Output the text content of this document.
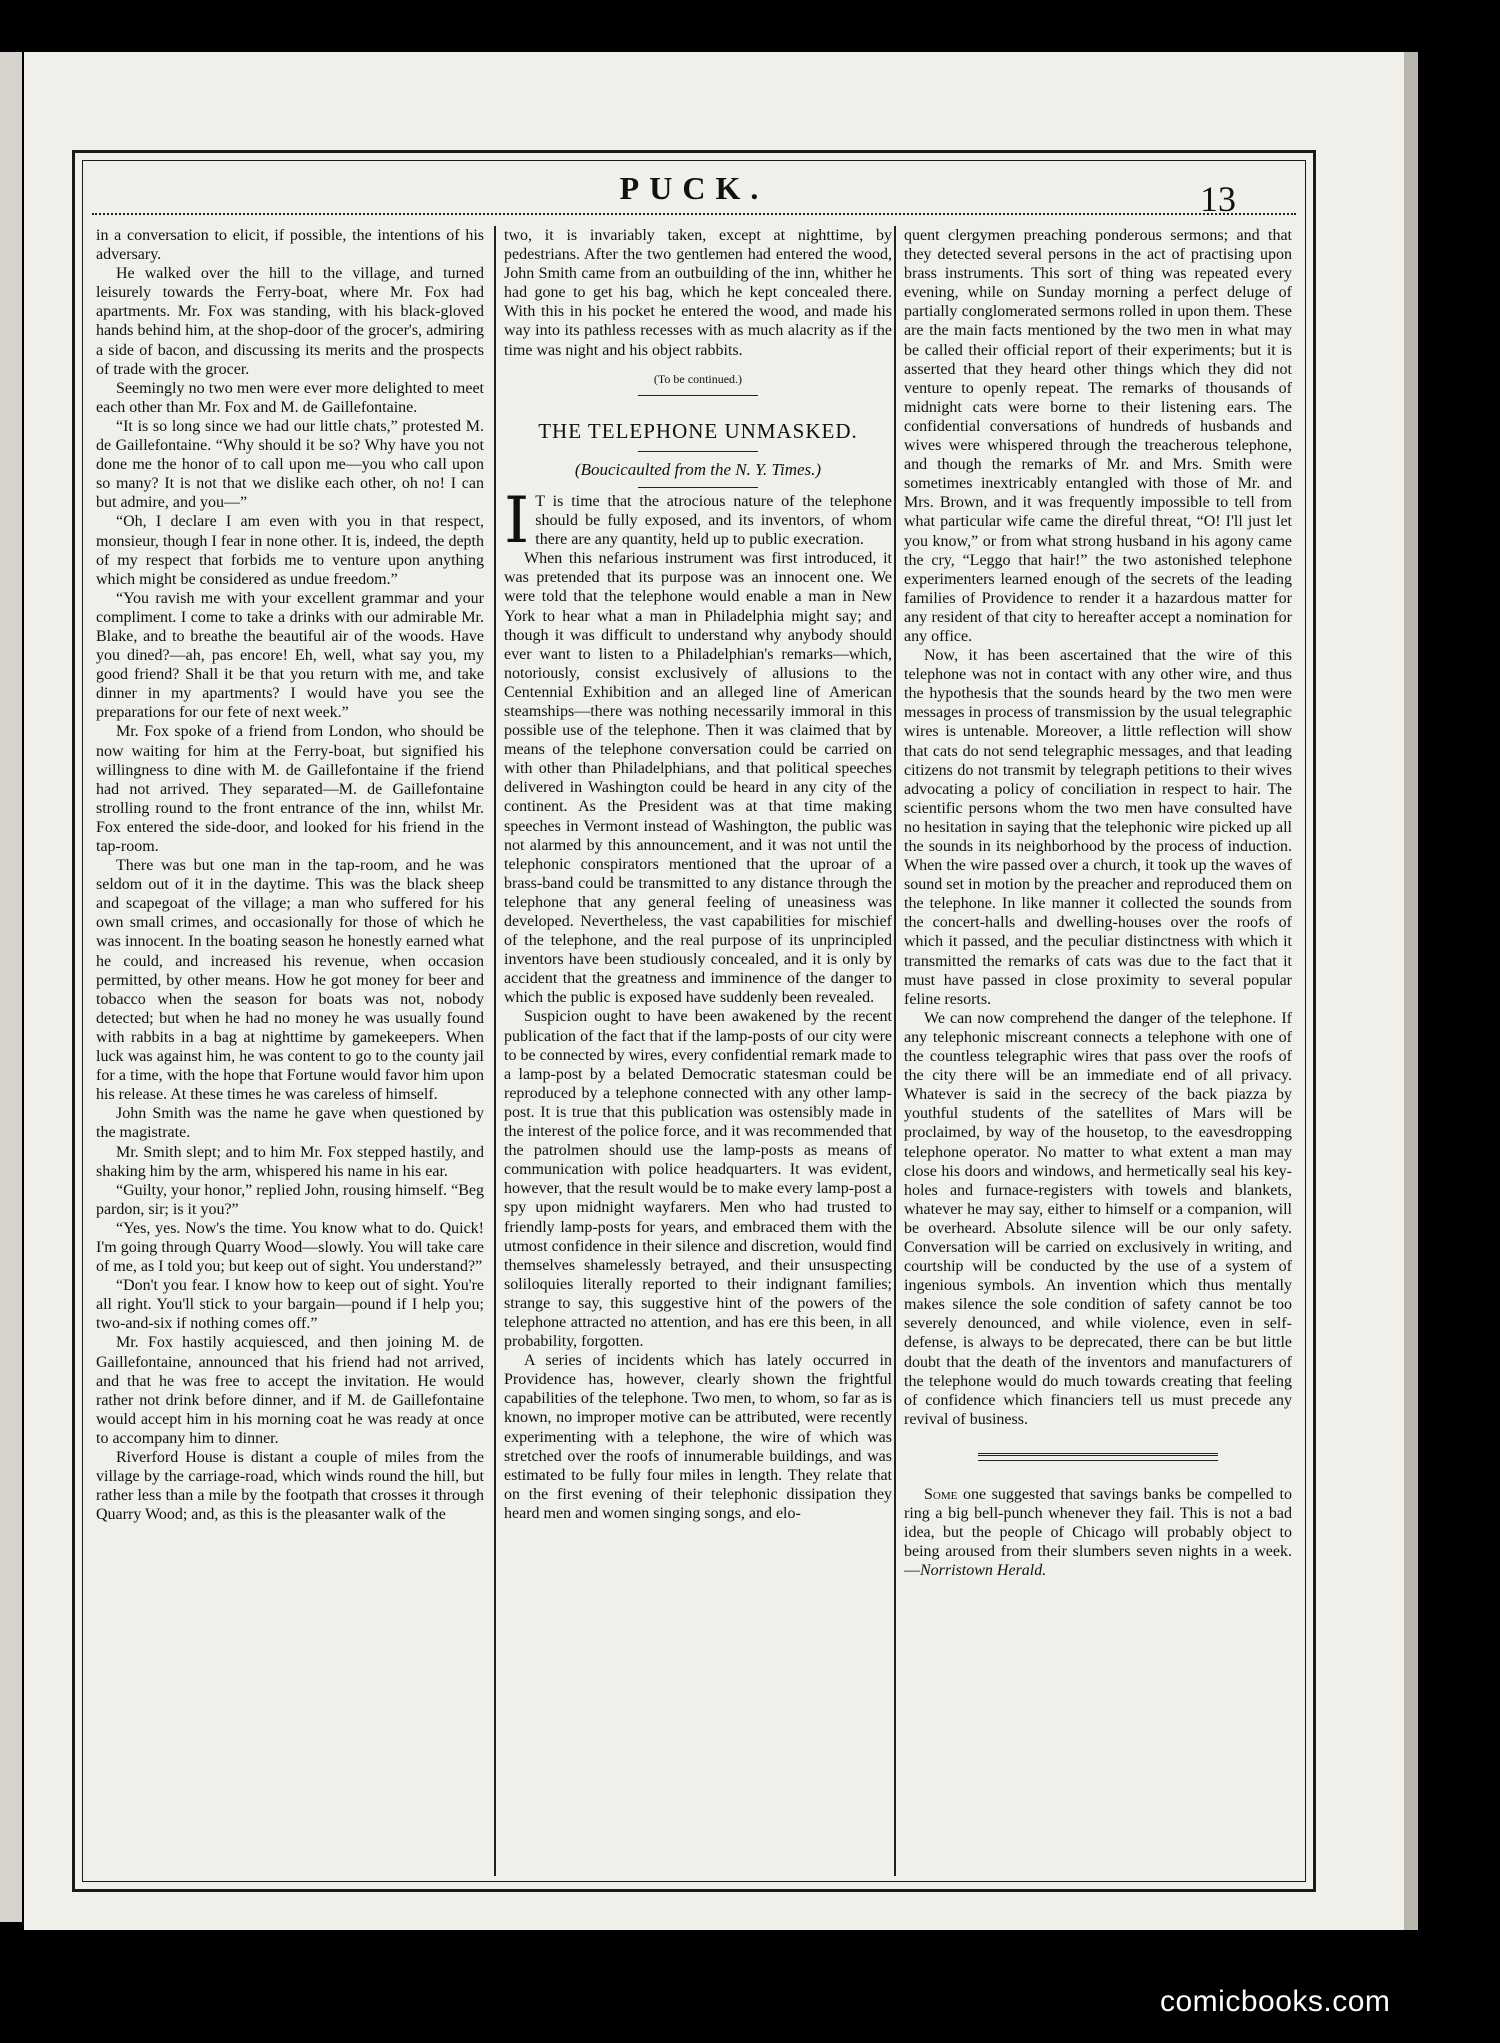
PUCK.	13

in a conversation to elicit, if possible, the intentions of his adversary.

He walked over the hill to the village, and turned leisurely towards the Ferry-boat, where Mr. Fox had apartments. Mr. Fox was standing, with his black-gloved hands behind him, at the shop-door of the grocer's, admiring a side of bacon, and discussing its merits and the prospects of trade with the grocer.

Seemingly no two men were ever more delighted to meet each other than Mr. Fox and M. de Gaillefontaine.

“It is so long since we had our little chats,” protested M. de Gaillefontaine. “Why should it be so? Why have you not done me the honor of to call upon me—you who call upon so many? It is not that we dislike each other, oh no! I can but admire, and you—”

“Oh, I declare I am even with you in that respect, monsieur, though I fear in none other. It is, indeed, the depth of my respect that forbids me to venture upon anything which might be considered as undue freedom.”

“You ravish me with your excellent grammar and your compliment. I come to take a drinks with our admirable Mr. Blake, and to breathe the beautiful air of the woods. Have you dined?—ah, pas encore! Eh, well, what say you, my good friend? Shall it be that you return with me, and take dinner in my apartments? I would have you see the preparations for our fete of next week.”

Mr. Fox spoke of a friend from London, who should be now waiting for him at the Ferry-boat, but signified his willingness to dine with M. de Gaillefontaine if the friend had not arrived. They separated—M. de Gaillefontaine strolling round to the front entrance of the inn, whilst Mr. Fox entered the side-door, and looked for his friend in the tap-room.

There was but one man in the tap-room, and he was seldom out of it in the daytime. This was the black sheep and scapegoat of the village; a man who suffered for his own small crimes, and occasionally for those of which he was innocent. In the boating season he honestly earned what he could, and increased his revenue, when occasion permitted, by other means. How he got money for beer and tobacco when the season for boats was not, nobody detected; but when he had no money he was usually found with rabbits in a bag at nighttime by gamekeepers. When luck was against him, he was content to go to the county jail for a time, with the hope that Fortune would favor him upon his release. At these times he was careless of himself.

John Smith was the name he gave when questioned by the magistrate.

Mr. Smith slept; and to him Mr. Fox stepped hastily, and shaking him by the arm, whispered his name in his ear.

“Guilty, your honor,” replied John, rousing himself. “Beg pardon, sir; is it you?”

“Yes, yes. Now's the time. You know what to do. Quick! I'm going through Quarry Wood—slowly. You will take care of me, as I told you; but keep out of sight. You understand?”

“Don't you fear. I know how to keep out of sight. You're all right. You'll stick to your bargain—pound if I help you; two-and-six if nothing comes off.”

Mr. Fox hastily acquiesced, and then joining M. de Gaillefontaine, announced that his friend had not arrived, and that he was free to accept the invitation. He would rather not drink before dinner, and if M. de Gaillefontaine would accept him in his morning coat he was ready at once to accompany him to dinner.

Riverford House is distant a couple of miles from the village by the carriage-road, which winds round the hill, but rather less than a mile by the footpath that crosses it through Quarry Wood; and, as this is the pleasanter walk of the

two, it is invariably taken, except at nighttime, by pedestrians. After the two gentlemen had entered the wood, John Smith came from an outbuilding of the inn, whither he had gone to get his bag, which he kept concealed there. With this in his pocket he entered the wood, and made his way into its pathless recesses with as much alacrity as if the time was night and his object rabbits.

(To be continued.)
THE TELEPHONE UNMASKED.
(Boucicaulted from the N. Y. Times.)

I T is time that the atrocious nature of the telephone should be fully exposed, and its inventors, of whom there are any quantity, held up to public execration.

When this nefarious instrument was first introduced, it was pretended that its purpose was an innocent one. We were told that the telephone would enable a man in New York to hear what a man in Philadelphia might say; and though it was difficult to understand why anybody should ever want to listen to a Philadelphian's remarks—which, notoriously, consist exclusively of allusions to the Centennial Exhibition and an alleged line of American steamships—there was nothing necessarily immoral in this possible use of the telephone. Then it was claimed that by means of the telephone conversation could be carried on with other than Philadelphians, and that political speeches delivered in Washington could be heard in any city of the continent. As the President was at that time making speeches in Vermont instead of Washington, the public was not alarmed by this announcement, and it was not until the telephonic conspirators mentioned that the uproar of a brass-band could be transmitted to any distance through the telephone that any general feeling of uneasiness was developed. Nevertheless, the vast capabilities for mischief of the telephone, and the real purpose of its unprincipled inventors have been studiously concealed, and it is only by accident that the greatness and imminence of the danger to which the public is exposed have suddenly been revealed.

Suspicion ought to have been awakened by the recent publication of the fact that if the lamp-posts of our city were to be connected by wires, every confidential remark made to a lamp-post by a belated Democratic statesman could be reproduced by a telephone connected with any other lamp-post. It is true that this publication was ostensibly made in the interest of the police force, and it was recommended that the patrolmen should use the lamp-posts as means of communication with police headquarters. It was evident, however, that the result would be to make every lamp-post a spy upon midnight wayfarers. Men who had trusted to friendly lamp-posts for years, and embraced them with the utmost confidence in their silence and discretion, would find themselves shamelessly betrayed, and their unsuspecting soliloquies literally reported to their indignant families; strange to say, this suggestive hint of the powers of the telephone attracted no attention, and has ere this been, in all probability, forgotten.

A series of incidents which has lately occurred in Providence has, however, clearly shown the frightful capabilities of the telephone. Two men, to whom, so far as is known, no improper motive can be attributed, were recently experimenting with a telephone, the wire of which was stretched over the roofs of innumerable buildings, and was estimated to be fully four miles in length. They relate that on the first evening of their telephonic dissipation they heard men and women singing songs, and elo-

quent clergymen preaching ponderous sermons; and that they detected several persons in the act of practising upon brass instruments. This sort of thing was repeated every evening, while on Sunday morning a perfect deluge of partially conglomerated sermons rolled in upon them. These are the main facts mentioned by the two men in what may be called their official report of their experiments; but it is asserted that they heard other things which they did not venture to openly repeat. The remarks of thousands of midnight cats were borne to their listening ears. The confidential conversations of hundreds of husbands and wives were whispered through the treacherous telephone, and though the remarks of Mr. and Mrs. Smith were sometimes inextricably entangled with those of Mr. and Mrs. Brown, and it was frequently impossible to tell from what particular wife came the direful threat, “O! I'll just let you know,” or from what strong husband in his agony came the cry, “Leggo that hair!” the two astonished telephone experimenters learned enough of the secrets of the leading families of Providence to render it a hazardous matter for any resident of that city to hereafter accept a nomination for any office.

Now, it has been ascertained that the wire of this telephone was not in contact with any other wire, and thus the hypothesis that the sounds heard by the two men were messages in process of transmission by the usual telegraphic wires is untenable. Moreover, a little reflection will show that cats do not send telegraphic messages, and that leading citizens do not transmit by telegraph petitions to their wives advocating a policy of conciliation in respect to hair. The scientific persons whom the two men have consulted have no hesitation in saying that the telephonic wire picked up all the sounds in its neighborhood by the process of induction. When the wire passed over a church, it took up the waves of sound set in motion by the preacher and reproduced them on the telephone. In like manner it collected the sounds from the concert-halls and dwelling-houses over the roofs of which it passed, and the peculiar distinctness with which it transmitted the remarks of cats was due to the fact that it must have passed in close proximity to several popular feline resorts.

We can now comprehend the danger of the telephone. If any telephonic miscreant connects a telephone with one of the countless telegraphic wires that pass over the roofs of the city there will be an immediate end of all privacy. Whatever is said in the secrecy of the back piazza by youthful students of the satellites of Mars will be proclaimed, by way of the housetop, to the eavesdropping telephone operator. No matter to what extent a man may close his doors and windows, and hermetically seal his key-holes and furnace-registers with towels and blankets, whatever he may say, either to himself or a companion, will be overheard. Absolute silence will be our only safety. Conversation will be carried on exclusively in writing, and courtship will be conducted by the use of a system of ingenious symbols. An invention which thus mentally makes silence the sole condition of safety cannot be too severely denounced, and while violence, even in self-defense, is always to be deprecated, there can be but little doubt that the death of the inventors and manufacturers of the telephone would do much towards creating that feeling of confidence which financiers tell us must precede any revival of business.

Some one suggested that savings banks be compelled to ring a big bell-punch whenever they fail. This is not a bad idea, but the people of Chicago will probably object to being aroused from their slumbers seven nights in a week.—Norristown Herald.

comicbooks.com
